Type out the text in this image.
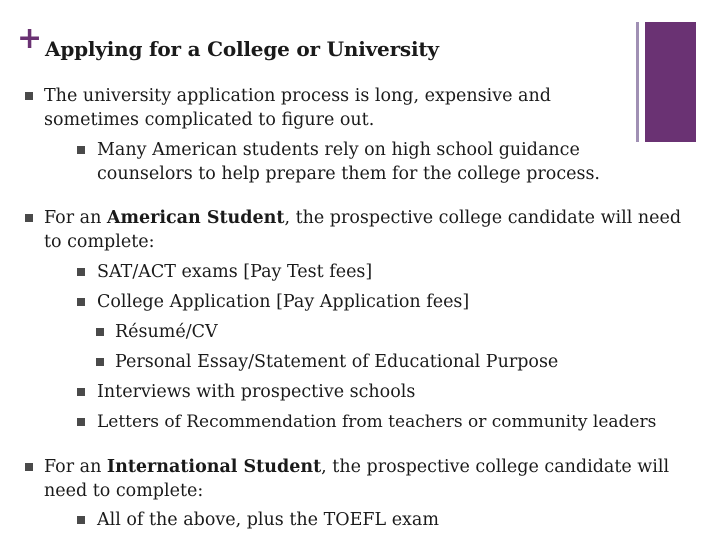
+ Applying for a College or University
The university application process is long, expensive and sometimes complicated to figure out.
Many American students rely on high school guidance counselors to help prepare them for the college process.
For an American Student, the prospective college candidate will need to complete:
SAT/ACT exams [Pay Test fees]
College Application [Pay Application fees]
Résumé/CV
Personal Essay/Statement of Educational Purpose
Interviews with prospective schools
Letters of Recommendation from teachers or community leaders
For an International Student, the prospective college candidate will need to complete:
All of the above, plus the TOEFL exam
